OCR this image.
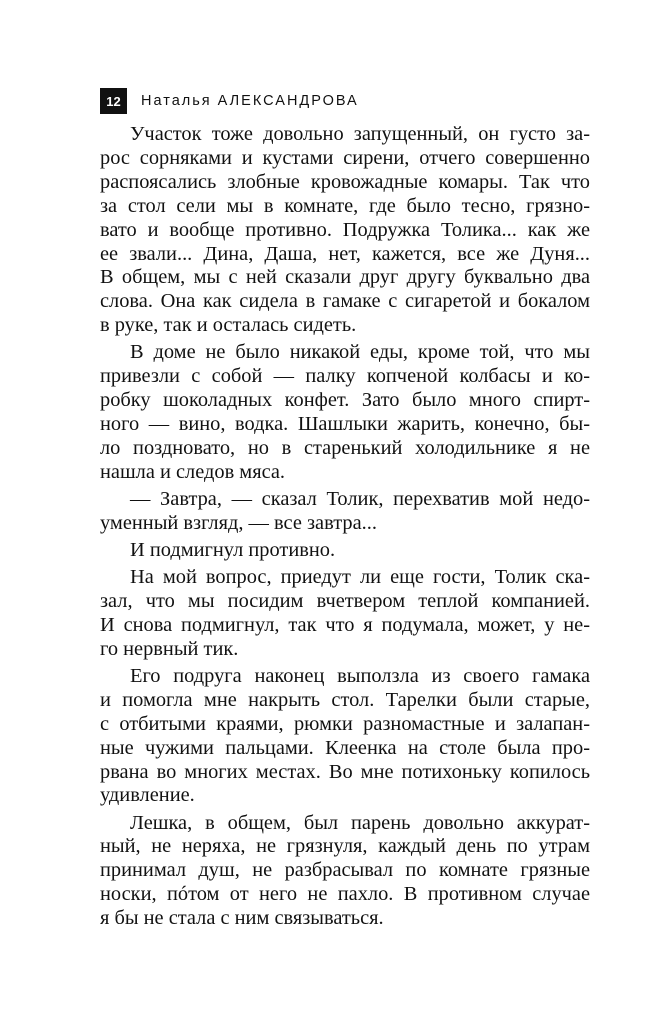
12	Наталья АЛЕКСАНДРОВА
Участок тоже довольно запущенный, он густо за-
рос сорняками и кустами сирени, отчего совершенно
распоясались злобные кровожадные комары. Так что
за стол сели мы в комнате, где было тесно, грязно-
вато и вообще противно. Подружка Толика... как же
ее звали... Дина, Даша, нет, кажется, все же Дуня...
В общем, мы с ней сказали друг другу буквально два
слова. Она как сидела в гамаке с сигаретой и бокалом
в руке, так и осталась сидеть.
В доме не было никакой еды, кроме той, что мы
привезли с собой — палку копченой колбасы и ко-
робку шоколадных конфет. Зато было много спирт-
ного — вино, водка. Шашлыки жарить, конечно, бы-
ло поздновато, но в старенький холодильнике я не
нашла и следов мяса.
— Завтра, — сказал Толик, перехватив мой недо-
уменный взгляд, — все завтра...
И подмигнул противно.
На мой вопрос, приедут ли еще гости, Толик ска-
зал, что мы посидим вчетвером теплой компанией.
И снова подмигнул, так что я подумала, может, у не-
го нервный тик.
Его подруга наконец выползла из своего гамака
и помогла мне накрыть стол. Тарелки были старые,
с отбитыми краями, рюмки разномастные и залапан-
ные чужими пальцами. Клеенка на столе была про-
рвана во многих местах. Во мне потихоньку копилось
удивление.
Лешка, в общем, был парень довольно аккурат-
ный, не неряха, не грязнуля, каждый день по утрам
принимал душ, не разбрасывал по комнате грязные
носки, пóтом от него не пахло. В противном случае
я бы не стала с ним связываться.
